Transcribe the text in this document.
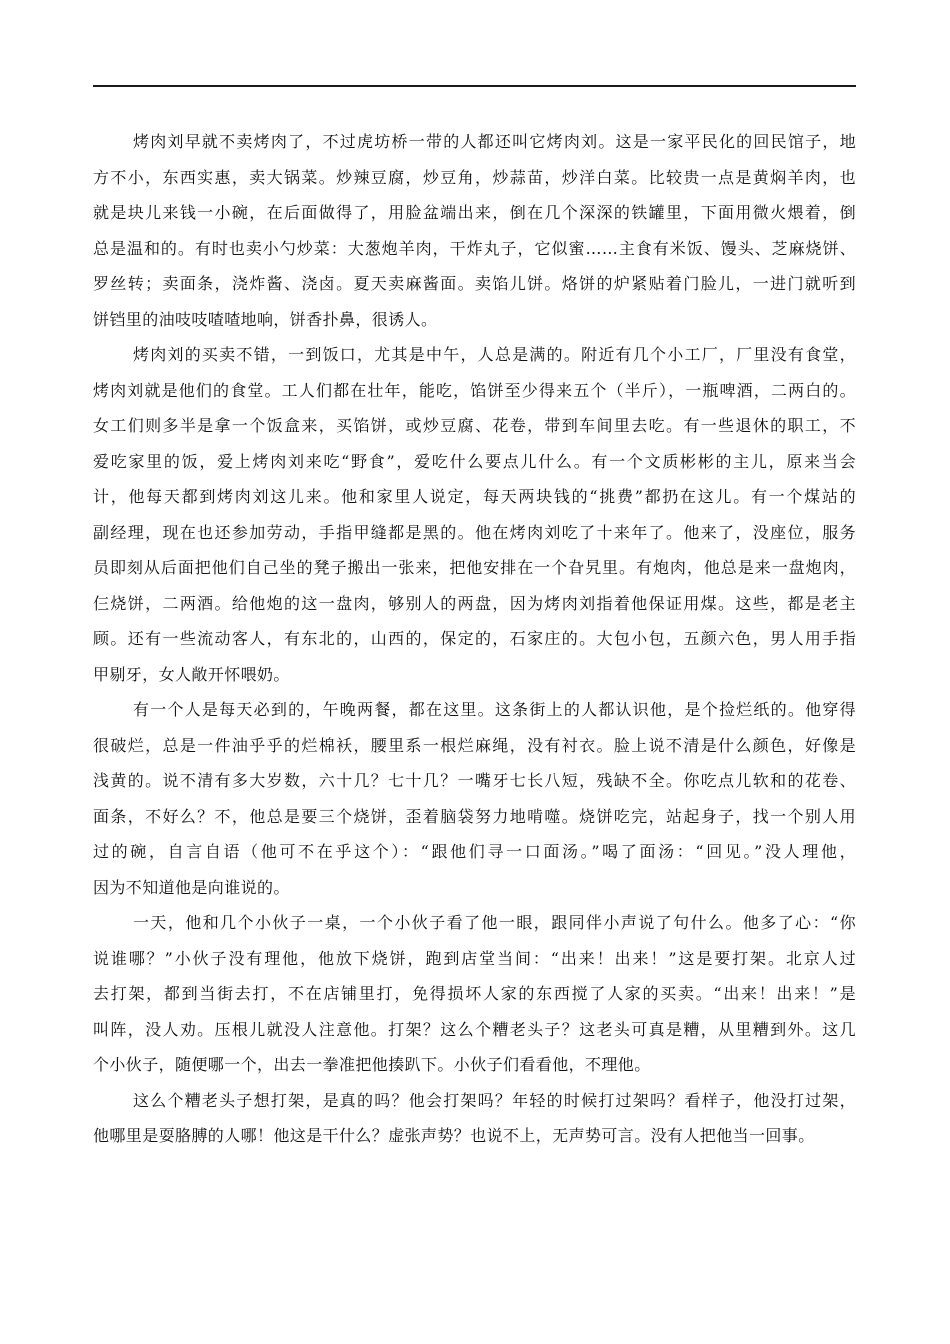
烤肉刘早就不卖烤肉了，不过虎坊桥一带的人都还叫它烤肉刘。这是一家平民化的回民馆子，地
方不小，东西实惠，卖大锅菜。炒辣豆腐，炒豆角，炒蒜苗，炒洋白菜。比较贵一点是黄焖羊肉，也
就是块儿来钱一小碗，在后面做得了，用脸盆端出来，倒在几个深深的铁罐里，下面用微火煨着，倒
总是温和的。有时也卖小勺炒菜：大葱炮羊肉，干炸丸子，它似蜜……主食有米饭、馒头、芝麻烧饼、
罗丝转；卖面条，浇炸酱、浇卤。夏天卖麻酱面。卖馅儿饼。烙饼的炉紧贴着门脸儿，一进门就听到
饼铛里的油吱吱喳喳地响，饼香扑鼻，很诱人。

烤肉刘的买卖不错，一到饭口，尤其是中午，人总是满的。附近有几个小工厂，厂里没有食堂，
烤肉刘就是他们的食堂。工人们都在壮年，能吃，馅饼至少得来五个（半斤），一瓶啤酒，二两白的。
女工们则多半是拿一个饭盒来，买馅饼，或炒豆腐、花卷，带到车间里去吃。有一些退休的职工，不
爱吃家里的饭，爱上烤肉刘来吃“野食”，爱吃什么要点儿什么。有一个文质彬彬的主儿，原来当会
计，他每天都到烤肉刘这儿来。他和家里人说定，每天两块钱的“挑费”都扔在这儿。有一个煤站的
副经理，现在也还参加劳动，手指甲缝都是黑的。他在烤肉刘吃了十来年了。他来了，没座位，服务
员即刻从后面把他们自己坐的凳子搬出一张来，把他安排在一个旮旯里。有炮肉，他总是来一盘炮肉，
仨烧饼，二两酒。给他炮的这一盘肉，够别人的两盘，因为烤肉刘指着他保证用煤。这些，都是老主
顾。还有一些流动客人，有东北的，山西的，保定的，石家庄的。大包小包，五颜六色，男人用手指
甲剔牙，女人敞开怀喂奶。

有一个人是每天必到的，午晚两餐，都在这里。这条街上的人都认识他，是个捡烂纸的。他穿得
很破烂，总是一件油乎乎的烂棉袄，腰里系一根烂麻绳，没有衬衣。脸上说不清是什么颜色，好像是
浅黄的。说不清有多大岁数，六十几？七十几？一嘴牙七长八短，残缺不全。你吃点儿软和的花卷、
面条，不好么？不，他总是要三个烧饼，歪着脑袋努力地啃噬。烧饼吃完，站起身子，找一个别人用
过的碗，自言自语（他可不在乎这个）：“跟他们寻一口面汤。”喝了面汤：“回见。”没人理他，
因为不知道他是向谁说的。

一天，他和几个小伙子一桌，一个小伙子看了他一眼，跟同伴小声说了句什么。他多了心：“你
说谁哪？”小伙子没有理他，他放下烧饼，跑到店堂当间：“出来！出来！”这是要打架。北京人过
去打架，都到当街去打，不在店铺里打，免得损坏人家的东西搅了人家的买卖。“出来！出来！”是
叫阵，没人劝。压根儿就没人注意他。打架？这么个糟老头子？这老头可真是糟，从里糟到外。这几
个小伙子，随便哪一个，出去一拳准把他揍趴下。小伙子们看看他，不理他。

这么个糟老头子想打架，是真的吗？他会打架吗？年轻的时候打过架吗？看样子，他没打过架，
他哪里是耍胳膊的人哪！他这是干什么？虚张声势？也说不上，无声势可言。没有人把他当一回事。
